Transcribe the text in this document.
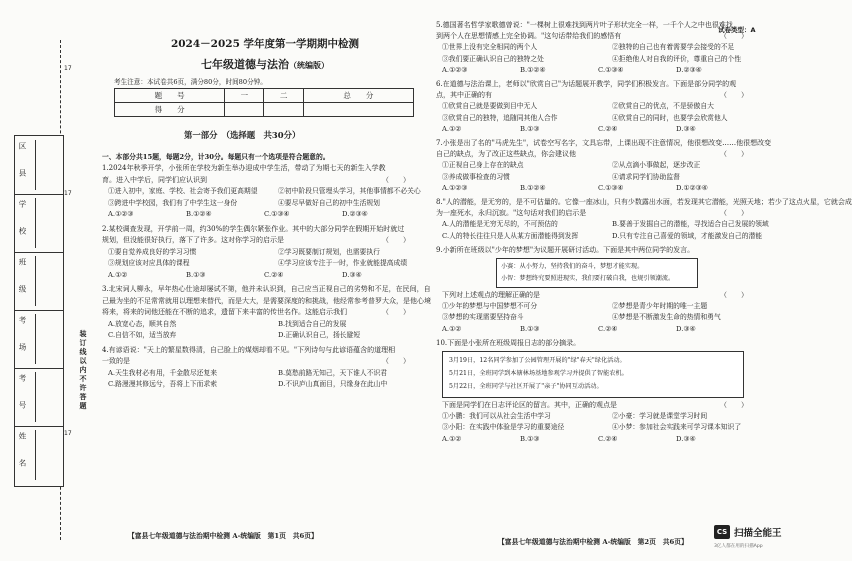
区　县
学　校
班　级
考　场
考　号
姓　名
装订线以内不许答题
17
17
17
2024－2025 学年度第一学期期中检测
七年级道德与法治（统编版）
考生注意：本试卷共6页，满分80分，时间80分钟。
题　　号	一	二	总　　分
得　　分			
第一部分　（选择题　共30分）
一、本部分共15题，每题2分，计30分。每题只有一个选项是符合题意的。
1.2024年秋季开学，小张所在学校为新生举办迎成中学生活，带动了为期七天的新生入学教
育。进入中学后，同学们应认识到	（　　）
①进入初中，家庭、学校、社会寄予我们更高期望	②初中阶段只管埋头学习，其他事情都不必关心
③跨进中学校园，我们有了中学生这一身份	④要尽早做好自己的初中生活规划
A.①②③	B.①②④	C.①③④	D.②③④
2.某校调查发现，开学前一周，约30%的学生偶尔紧张作业。其中的大部分同学在假期开始时就过
规划，但没能很好执行，落下了许多。这对你学习的启示是	（　　）
①要自觉养成良好的学习习惯	②学习既要制订规划，也需要执行
③规划应该对应具体的课程	④学习应该专注于一时，作业就能提高成绩
A.①②	B.①③	C.②④	D.③④
3.北宋词人柳永，早年热心仕途却屡试不第，他并未认识到，自己应当正视自己的劣势和不足，在民间，自
己最为坐的不足常常就用以理想来替代，而是大大，是需要深度的和挑战，他经常参考普罗大众，是他心境
将来，将来的词他还能在不断的追求，遗留下来丰富的传世名作。这能启示我们	（　　）
A.放宽心态，顺其自然	B.找到适合自己的发展
C.自信不如，适当放弃	D.正确认识自己，扬长避短
4.有谚语说："天上的繁星数得清，自己脸上的煤烟却看不见。"下列诗句与此谚语蕴含的道理相
一致的是	（　　）
A.天生我材必有用，千金散尽还复来	B.莫愁前路无知己，天下谁人不识君
C.路漫漫其修远兮，吾将上下而求索	D.不识庐山真面目，只缘身在此山中
【富县七年级道德与法治期中检测 A-统编版　第1页　共6页】
试卷类型：A
5.德国著名哲学家歌德曾说："一棵树上很难找到两片叶子形状完全一样，一千个人之中也很难找
到两个人在思想情感上完全协调。"这句话带给我们的感悟有	（　　）
①世界上没有完全相同的两个人	②独特的自己也有着需要学会接受的不足
③我们要正确认识自己的独特之处	④拒绝他人对自我的评价，尊重自己的个性
A.①②③	B.①②④	C.①③④	D.②③④
6.在道德与法治课上，老师以"欣赏自己"为话题展开教学，同学们积极发言。下面是部分同学的观
点，其中正确的有	（　　）
①欣赏自己就是要做到目中无人	②欣赏自己的优点，不是骄傲自大
③欣赏自己的独特，追随同其他人合作	④欣赏自己的同时，也要学会欣赏他人
A.①②	B.①③	C.②④	D.③④
7.小张是出了名的"马虎先生"，试卷空写名字，文具忘带，上课出现不注意情况，他很想改变……他很想改变
自己的缺点，为了改正这些缺点，你会建议他	（　　）
①正视自己身上存在的缺点	②从点滴小事做起，逐步改正
③养成做事检查的习惯	④请求同学们协助监督
A.①②③	B.①②④	C.①③④	D.①②③④
8."人的潜能，是无穷的，是不可估量的。它像一座冰山，只有少数露出水面，若发现其它潜能，光照天地；若少了这点火星，它就会成
为一座死水，永归沉寂。"这句话对我们的启示是	（　　）
A.人的潜能是无穷无尽的，不可预估的	B.要善于发掘自己的潜能，寻找适合自己发展的领域
C.人的特长往往只是人从某方面潜能得到发挥	D.只有专注自己喜爱的领域，才能激发自己的潜能
9.小新所在班级以"少年的梦想"为议题开展研讨活动。下面是其中两位同学的发言。
小赛：从小努力，坚持我们的奋斗，梦想才能实现。
小智：梦想终究要照进现实，我们要打破自我，也规引领潮流。
下列对上述观点的理解正确的是	（　　）
①少年的梦想与中国梦想不可分	②梦想是青少年时期的唯一主题
③梦想的实现需要坚持奋斗	④梦想是不断激发生命的热情和勇气
A.①②	B.①③	C.②④	D.③④
10.下面是小张所在班级周报日志的部分摘录。
3月19日，12名同学参加了公园管理开展的"绿"春天"绿化活动。
5月21日，全班同学到本辖林场基地参观学习并提供了智能农机。
5月22日，全班同学与社区开展了"亲子"协同互动活动。
下面是同学们在日志评论区的留言。其中，正确的观点是	（　　）
①小鹏：我们可以从社会生活中学习	②小豪：学习就是课堂学习时间
③小阳：在实践中体验是学习的重要途径	④小梦：参加社会实践来可学习课本知识了
A.①②	B.①③	C.②④	D.③④
【富县七年级道德与法治期中检测 A-统编版　第2页　共6页】
CS 扫描全能王
3亿人都在用的扫描App
